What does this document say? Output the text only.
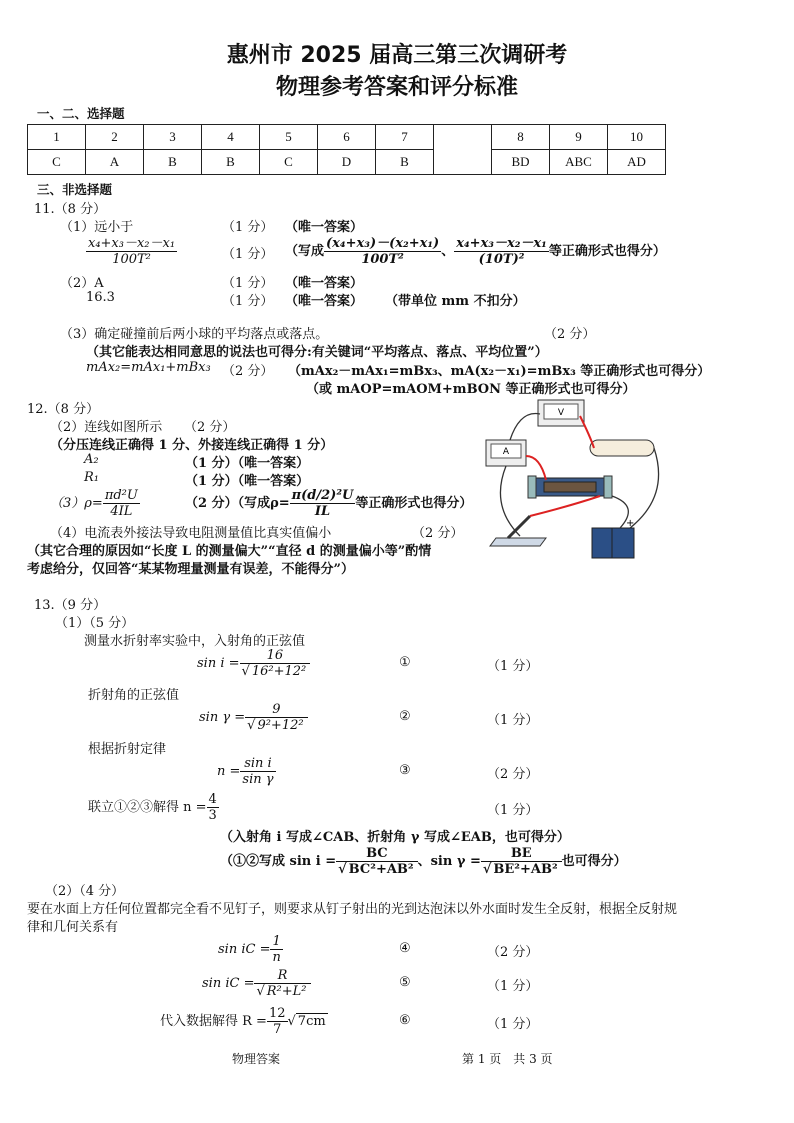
惠州市 2025 届高三第三次调研考
物理参考答案和评分标准
一、二、选择题
1	2	3	4	5	6	7		8	9	10
C	A	B	B	C	D	B		BD	ABC	AD
三、非选择题
11.（8 分）
（1）远小于	（1 分） （唯一答案）
$\frac{\text{x₄+x₃－x₂－x₁}}{\text{100T²}}$	（1 分） （写成 $\frac{\text{(x₄+x₃)－(x₂+x₁)}}{\text{100T²}}$ 、 $\frac{\text{x₄+x₃－x₂－x₁}}{\text{(10T)²}}$ 等正确形式也得分）
（2）A	（1 分） （唯一答案）
16.3	（1 分） （唯一答案） （带单位 mm 不扣分）
（3）确定碰撞前后两小球的平均落点或落点。	（2 分）
（其它能表达相同意思的说法也可得分:有关键词“平均落点、落点、平均位置”）
mAx₂=mAx₁+mBx₃ （2 分） （mAx₂－mAx₁=mBx₃、mA(x₂－x₁)=mBx₃ 等正确形式也可得分）
（或 mAOP=mAOM+mBON 等正确形式也可得分）
12.（8 分）
（2）连线如图所示 （2 分）
（分压连线正确得 1 分、外接连线正确得 1 分）
A₂	（1 分）（唯一答案）
R₁	（1 分）（唯一答案）
$(3)\rho= \frac{\text{πd²U}}{4IL}$	（2 分）（写成$\rho= \frac{\text{π(d/2)²U}}{IL}$ 等正确形式也得分）
（4）电流表外接法导致电阻测量值比真实值偏小	（2 分）
（其它合理的原因如“长度 L 的测量偏大”“直径 d 的测量偏小等”酌情
考虑给分，仅回答“某某物理量测量有误差，不能得分”）
V
A
+
13.（9 分）
（1）（5 分）
测量水折射率实验中，入射角的正弦值
$\sin i = \frac{16}{\text{√ 16²+12²}}$	①	（1 分）
折射角的正弦值
$\sin \gamma = \frac{9}{\text{√ 9²+12²}}$	②	（1 分）
根据折射定律
$n = \frac{\text{sin i}}{\text{sin γ}}$	③	（2 分）
联立①②③解得 $n = \frac{4}{3}$	（1 分）
（入射角 i 写成∠CAB、折射角 γ 写成∠EAB，也可得分）
（①②写成 $\sin i = \frac{BC}{\text{√ BC²+AB²}}$ 、$\sin \gamma = \frac{BE}{\text{√ BE²+AB²}}$ 也可得分）
（2）（4 分）
要在水面上方任何位置都完全看不见钉子，则要求从钉子射出的光到达泡沫以外水面时发生全反射，根据全反射规
律和几何关系有
sin iC = $\frac{1}{n}$	④	（2 分）
sin iC = $\frac{R}{\text{√ R²+L²}}$	⑤	（1 分）
代入数据解得 $R = \frac{12}{7}$ √ 7cm	⑥	（1 分）
物理答案	第 1 页　共 3 页
